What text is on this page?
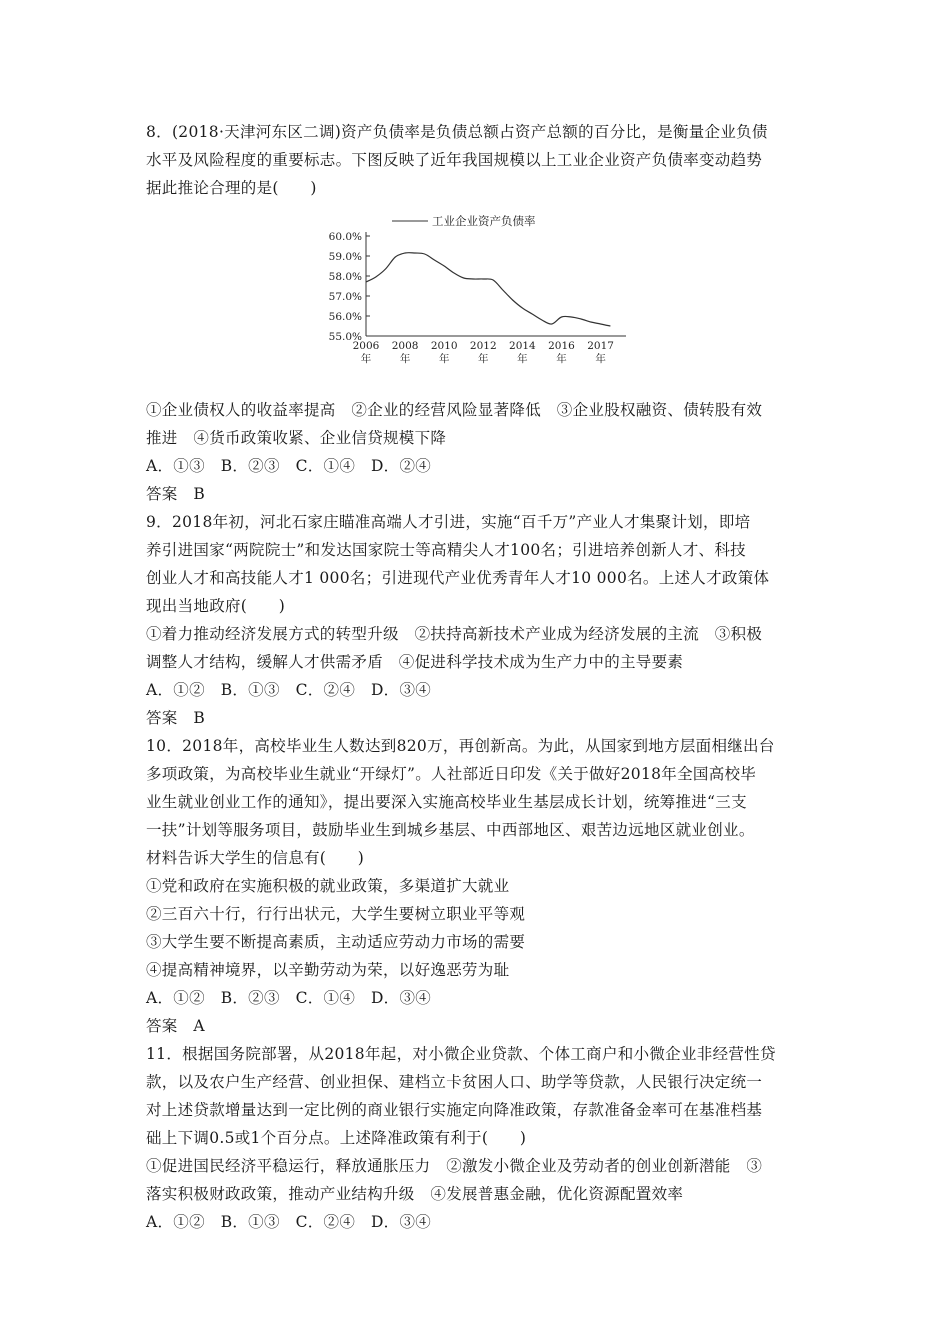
8．(2018·天津河东区二调)资产负债率是负债总额占资产总额的百分比，是衡量企业负债
水平及风险程度的重要标志。下图反映了近年我国规模以上工业企业资产负债率变动趋势
据此推论合理的是(　　)
工业企业资产负债率
60.0%
59.0%
58.0%
57.0%
56.0%
55.0%
2006
年
2008
年
2010
年
2012
年
2014
年
2016
年
2017
年
①企业债权人的收益率提高　②企业的经营风险显著降低　③企业股权融资、债转股有效
推进　④货币政策收紧、企业信贷规模下降
A．①③　B．②③　C．①④　D．②④
答案　B
9．2018年初，河北石家庄瞄准高端人才引进，实施“百千万”产业人才集聚计划，即培
养引进国家“两院院士”和发达国家院士等高精尖人才100名；引进培养创新人才、科技
创业人才和高技能人才1 000名；引进现代产业优秀青年人才10 000名。上述人才政策体
现出当地政府(　　)
①着力推动经济发展方式的转型升级　②扶持高新技术产业成为经济发展的主流　③积极
调整人才结构，缓解人才供需矛盾　④促进科学技术成为生产力中的主导要素
A．①②　B．①③　C．②④　D．③④
答案　B
10．2018年，高校毕业生人数达到820万，再创新高。为此，从国家到地方层面相继出台
多项政策，为高校毕业生就业“开绿灯”。人社部近日印发《关于做好2018年全国高校毕
业生就业创业工作的通知》，提出要深入实施高校毕业生基层成长计划，统筹推进“三支
一扶”计划等服务项目，鼓励毕业生到城乡基层、中西部地区、艰苦边远地区就业创业。
材料告诉大学生的信息有(　　)
①党和政府在实施积极的就业政策，多渠道扩大就业
②三百六十行，行行出状元，大学生要树立职业平等观
③大学生要不断提高素质，主动适应劳动力市场的需要
④提高精神境界，以辛勤劳动为荣，以好逸恶劳为耻
A．①②　B．②③　C．①④　D．③④
答案　A
11．根据国务院部署，从2018年起，对小微企业贷款、个体工商户和小微企业非经营性贷
款，以及农户生产经营、创业担保、建档立卡贫困人口、助学等贷款，人民银行决定统一
对上述贷款增量达到一定比例的商业银行实施定向降准政策，存款准备金率可在基准档基
础上下调0.5或1个百分点。上述降准政策有利于(　　)
①促进国民经济平稳运行，释放通胀压力　②激发小微企业及劳动者的创业创新潜能　③
落实积极财政政策，推动产业结构升级　④发展普惠金融，优化资源配置效率
A．①②　B．①③　C．②④　D．③④
